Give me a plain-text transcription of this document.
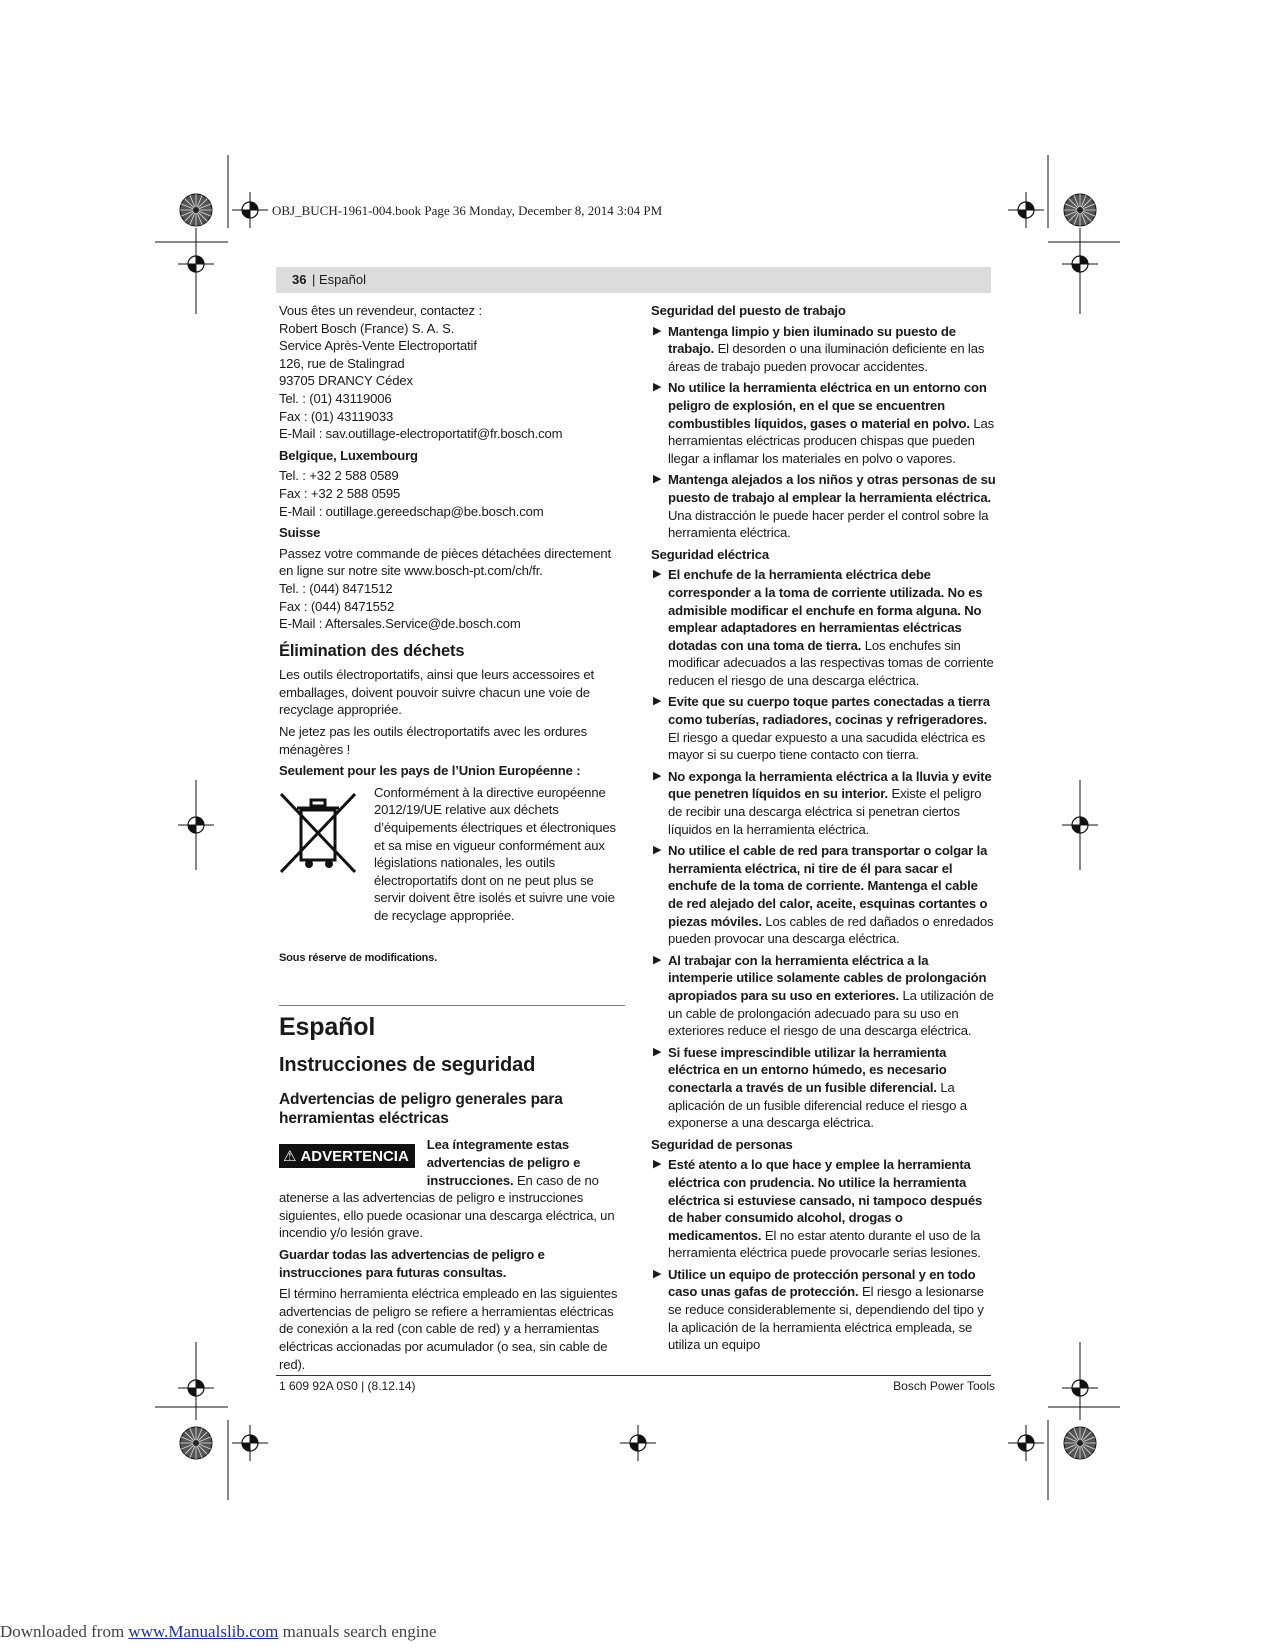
OBJ_BUCH-1961-004.book Page 36 Monday, December 8, 2014 3:04 PM
36 | Español
Vous êtes un revendeur, contactez :
Robert Bosch (France) S. A. S.
Service Après-Vente Electroportatif
126, rue de Stalingrad
93705 DRANCY Cédex
Tel. : (01) 43119006
Fax : (01) 43119033
E-Mail : sav.outillage-electroportatif@fr.bosch.com
Belgique, Luxembourg
Tel. : +32 2 588 0589
Fax : +32 2 588 0595
E-Mail : outillage.gereedschap@be.bosch.com
Suisse
Passez votre commande de pièces détachées directement en ligne sur notre site www.bosch-pt.com/ch/fr.
Tel. : (044) 8471512
Fax : (044) 8471552
E-Mail : Aftersales.Service@de.bosch.com
Élimination des déchets
Les outils électroportatifs, ainsi que leurs accessoires et emballages, doivent pouvoir suivre chacun une voie de recyclage appropriée.
Ne jetez pas les outils électroportatifs avec les ordures ménagères !
Seulement pour les pays de l’Union Européenne :
Conformément à la directive européenne 2012/19/UE relative aux déchets d’équipements électriques et électroniques et sa mise en vigueur conformément aux législations nationales, les outils électroportatifs dont on ne peut plus se servir doivent être isolés et suivre une voie de recyclage appropriée.
Sous réserve de modifications.
Español
Instrucciones de seguridad
Advertencias de peligro generales para herramientas eléctricas
⚠ ADVERTENCIA
Lea íntegramente estas advertencias de peligro e instrucciones. En caso de no atenerse a las advertencias de peligro e instrucciones siguientes, ello puede ocasionar una descarga eléctrica, un incendio y/o lesión grave.
Guardar todas las advertencias de peligro e instrucciones para futuras consultas.
El término herramienta eléctrica empleado en las siguientes advertencias de peligro se refiere a herramientas eléctricas de conexión a la red (con cable de red) y a herramientas eléctricas accionadas por acumulador (o sea, sin cable de red).
Seguridad del puesto de trabajo
▶ Mantenga limpio y bien iluminado su puesto de trabajo. El desorden o una iluminación deficiente en las áreas de trabajo pueden provocar accidentes.
▶ No utilice la herramienta eléctrica en un entorno con peligro de explosión, en el que se encuentren combustibles líquidos, gases o material en polvo. Las herramientas eléctricas producen chispas que pueden llegar a inflamar los materiales en polvo o vapores.
▶ Mantenga alejados a los niños y otras personas de su puesto de trabajo al emplear la herramienta eléctrica. Una distracción le puede hacer perder el control sobre la herramienta eléctrica.
Seguridad eléctrica
▶ El enchufe de la herramienta eléctrica debe corresponder a la toma de corriente utilizada. No es admisible modificar el enchufe en forma alguna. No emplear adaptadores en herramientas eléctricas dotadas con una toma de tierra. Los enchufes sin modificar adecuados a las respectivas tomas de corriente reducen el riesgo de una descarga eléctrica.
▶ Evite que su cuerpo toque partes conectadas a tierra como tuberías, radiadores, cocinas y refrigeradores. El riesgo a quedar expuesto a una sacudida eléctrica es mayor si su cuerpo tiene contacto con tierra.
▶ No exponga la herramienta eléctrica a la lluvia y evite que penetren líquidos en su interior. Existe el peligro de recibir una descarga eléctrica si penetran ciertos líquidos en la herramienta eléctrica.
▶ No utilice el cable de red para transportar o colgar la herramienta eléctrica, ni tire de él para sacar el enchufe de la toma de corriente. Mantenga el cable de red alejado del calor, aceite, esquinas cortantes o piezas móviles. Los cables de red dañados o enredados pueden provocar una descarga eléctrica.
▶ Al trabajar con la herramienta eléctrica a la intemperie utilice solamente cables de prolongación apropiados para su uso en exteriores. La utilización de un cable de prolongación adecuado para su uso en exteriores reduce el riesgo de una descarga eléctrica.
▶ Si fuese imprescindible utilizar la herramienta eléctrica en un entorno húmedo, es necesario conectarla a través de un fusible diferencial. La aplicación de un fusible diferencial reduce el riesgo a exponerse a una descarga eléctrica.
Seguridad de personas
▶ Esté atento a lo que hace y emplee la herramienta eléctrica con prudencia. No utilice la herramienta eléctrica si estuviese cansado, ni tampoco después de haber consumido alcohol, drogas o medicamentos. El no estar atento durante el uso de la herramienta eléctrica puede provocarle serias lesiones.
▶ Utilice un equipo de protección personal y en todo caso unas gafas de protección. El riesgo a lesionarse se reduce considerablemente si, dependiendo del tipo y la aplicación de la herramienta eléctrica empleada, se utiliza un equipo
1 609 92A 0S0 | (8.12.14)	Bosch Power Tools
Downloaded from www.Manualslib.com manuals search engine
